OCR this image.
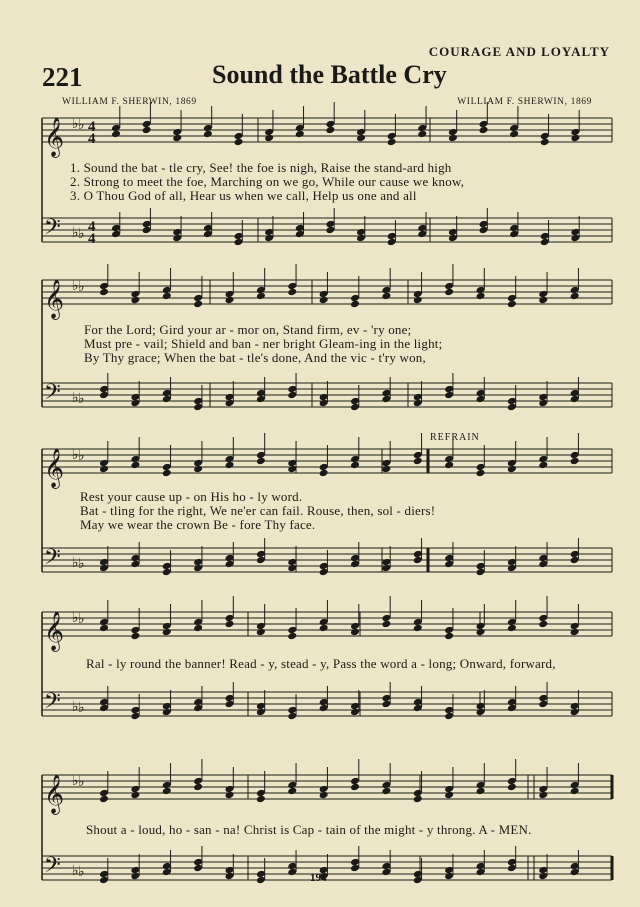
COURAGE AND LOYALTY
221	Sound the Battle Cry
WILLIAM F. SHERWIN, 1869	WILLIAM F. SHERWIN, 1869
𝄞 ♭ ♭ 4
4
𝄢 ♭ ♭ 4
4
𝄞 ♭ ♭
𝄢 ♭ ♭
𝄞 ♭ ♭
𝄢 ♭ ♭
𝄞 ♭ ♭
𝄢 ♭ ♭
𝄞 ♭ ♭
𝄢 ♭ ♭
1. Sound the bat - tle cry, See! the foe is nigh, Raise the stand-ard high
2. Strong to meet the foe, Marching on we go, While our cause we know,
3. O Thou God of all, Hear us when we call, Help us one and all
For the Lord; Gird your ar - mor on, Stand firm, ev - 'ry one;
Must pre - vail; Shield and ban - ner bright Gleam-ing in the light;
By Thy grace; When the bat - tle's done, And the vic - t'ry won,
REFRAIN
Rest your cause up - on His ho - ly word.
Bat - tling for the right, We ne'er can fail. Rouse, then, sol - diers!
May we wear the crown Be - fore Thy face.
Ral - ly round the banner! Read - y, stead - y, Pass the word a - long; Onward, forward,
Shout a - loud, ho - san - na! Christ is Cap - tain of the might - y throng. A - MEN.
194
